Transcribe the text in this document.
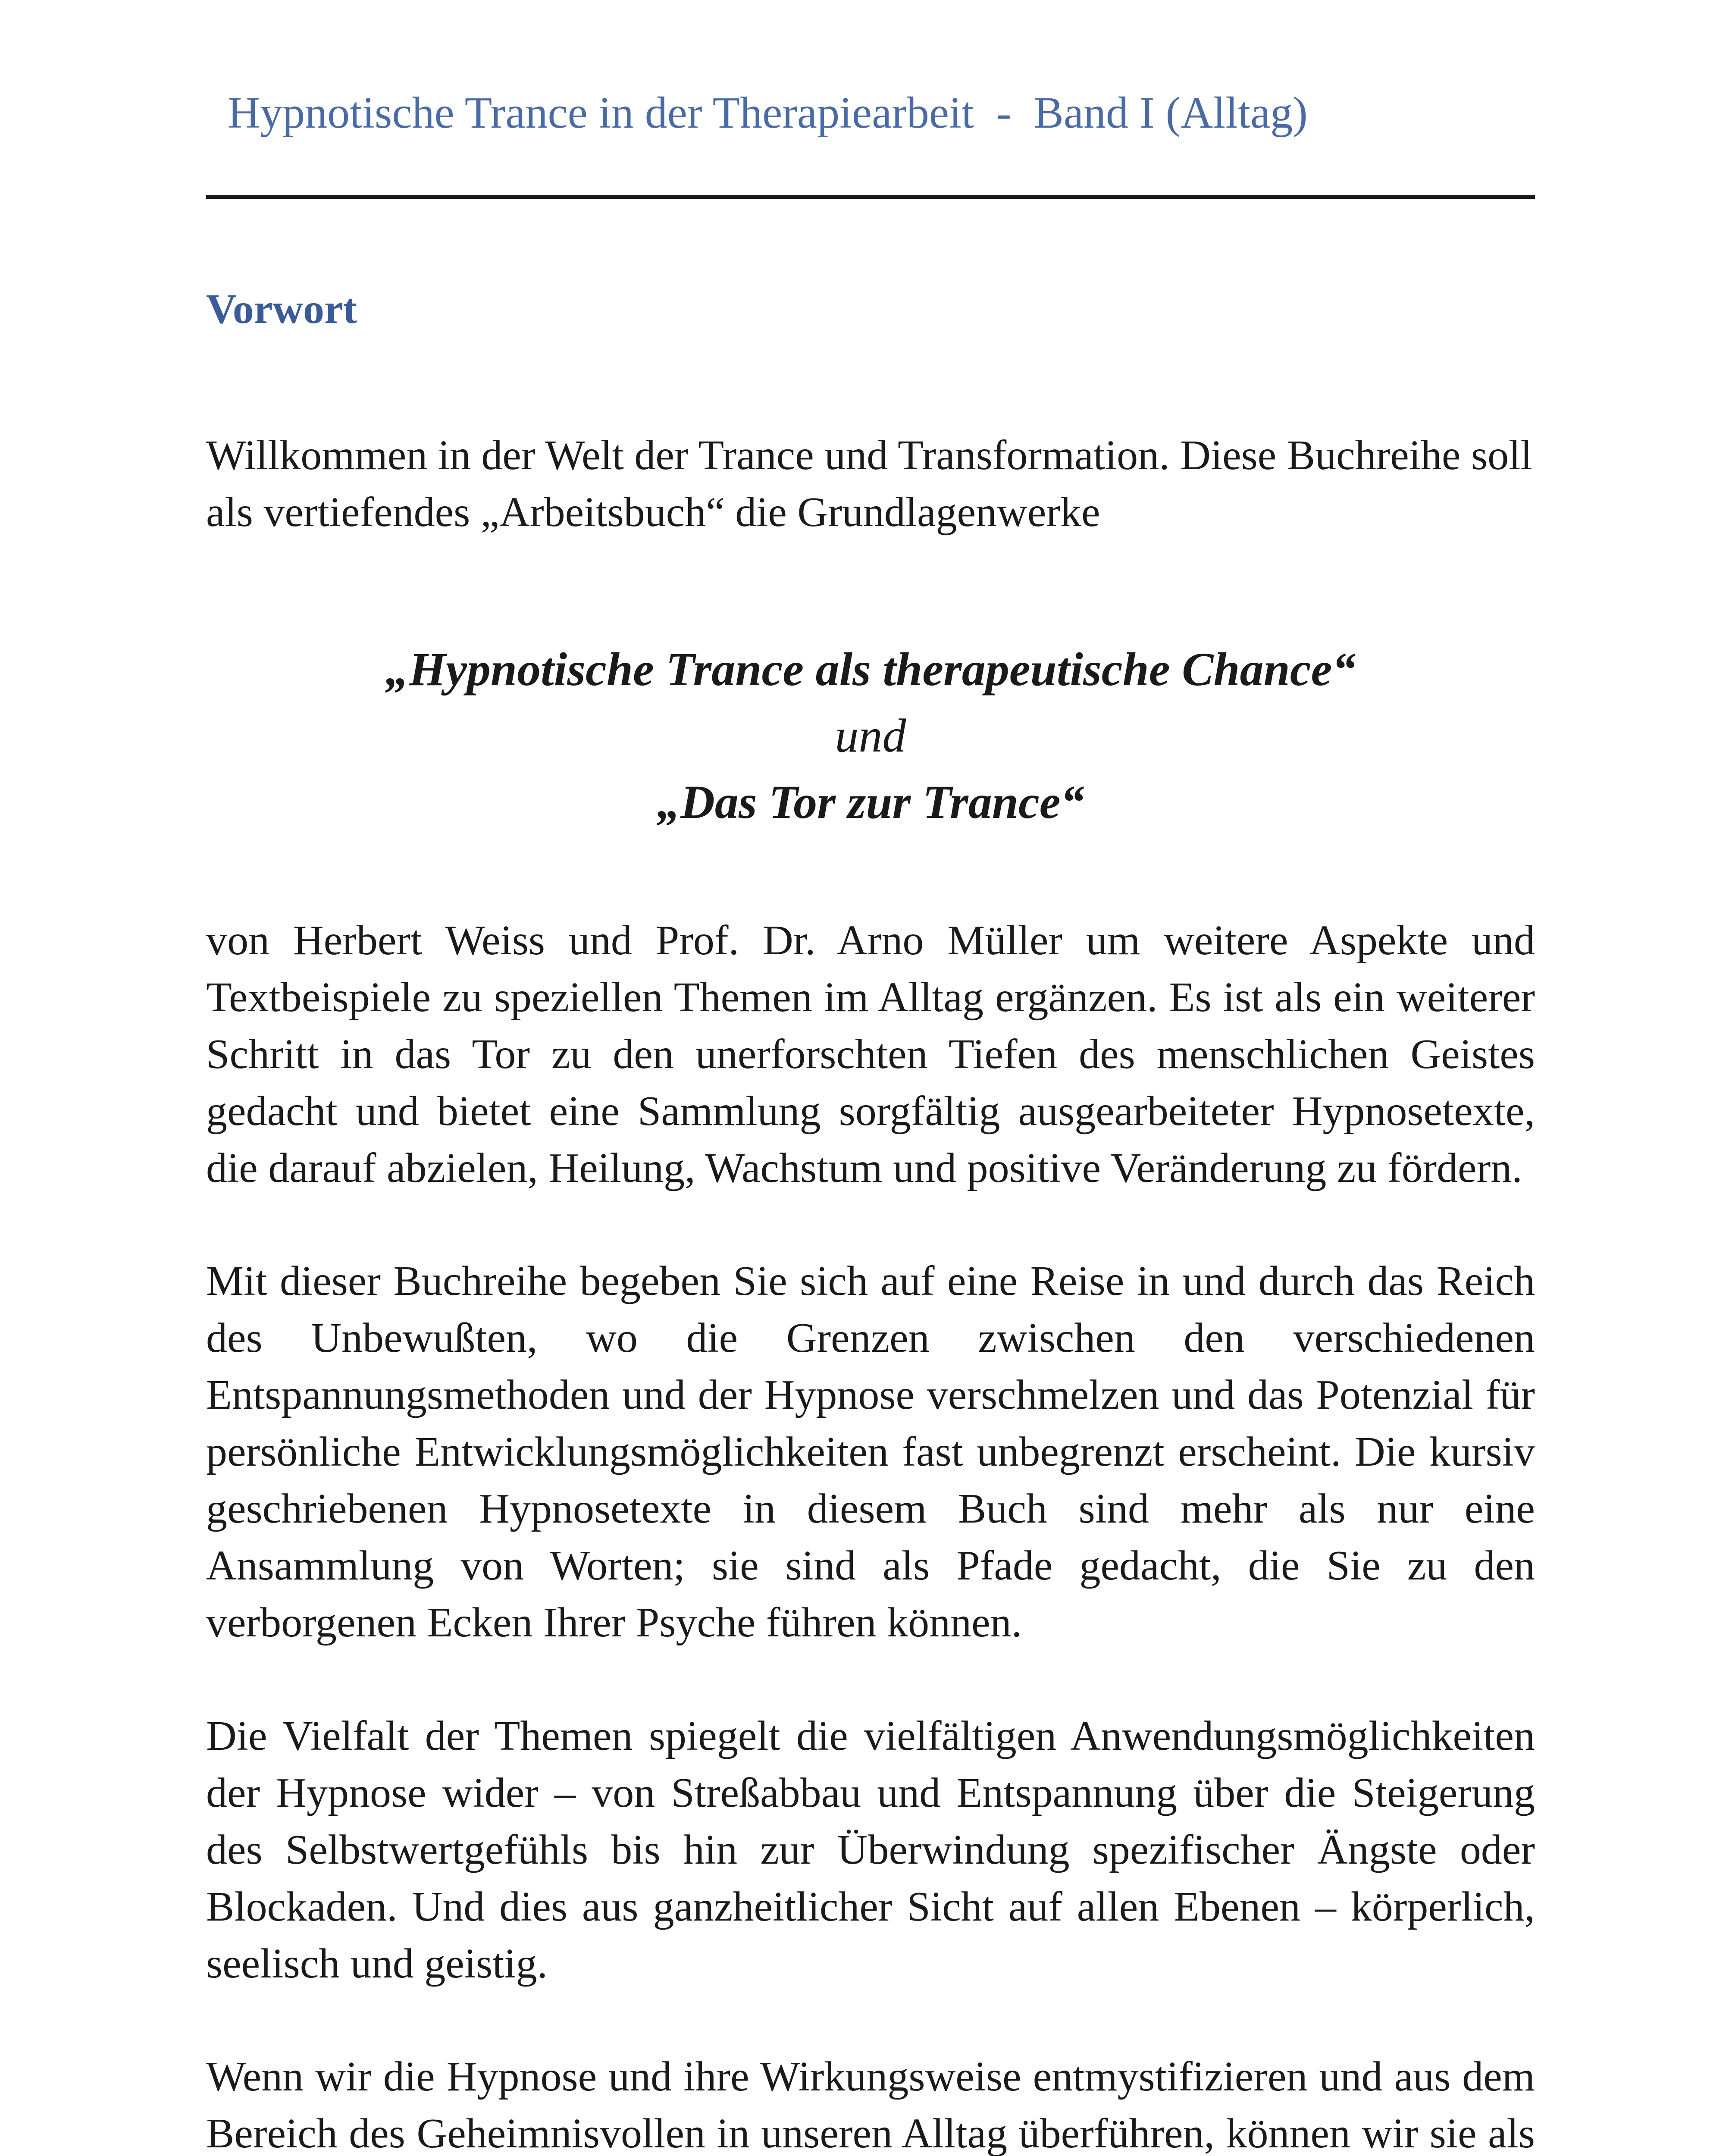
Hypnotische Trance in der Therapiearbeit  -  Band I (Alltag)
Vorwort

Willkommen in der Welt der Trance und Transformation. Diese Buchreihe soll als vertiefendes „Arbeitsbuch“ die Grundlagenwerke

„Hypnotische Trance als therapeutische Chance“
und
„Das Tor zur Trance“

von Herbert Weiss und Prof. Dr. Arno Müller um weitere Aspekte und Textbeispiele zu speziellen Themen im Alltag ergänzen. Es ist als ein weiterer Schritt in das Tor zu den unerforschten Tiefen des menschlichen Geistes gedacht und bietet eine Sammlung sorgfältig ausgearbeiteter Hypnosetexte, die darauf abzielen, Heilung, Wachstum und positive Veränderung zu fördern.

Mit dieser Buchreihe begeben Sie sich auf eine Reise in und durch das Reich des Unbewußten, wo die Grenzen zwischen den verschiedenen Entspannungsmethoden und der Hypnose verschmelzen und das Potenzial für persönliche Entwicklungsmöglichkeiten fast unbegrenzt erscheint. Die kursiv geschriebenen Hypnosetexte in diesem Buch sind mehr als nur eine Ansammlung von Worten; sie sind als Pfade gedacht, die Sie zu den verborgenen Ecken Ihrer Psyche führen können.

Die Vielfalt der Themen spiegelt die vielfältigen Anwendungsmöglichkeiten der Hypnose wider – von Streßabbau und Entspannung über die Steigerung des Selbstwertgefühls bis hin zur Überwindung spezifischer Ängste oder Blockaden. Und dies aus ganzheitlicher Sicht auf allen Ebenen – körperlich, seelisch und geistig.

Wenn wir die Hypnose und ihre Wirkungsweise entmystifizieren und aus dem Bereich des Geheimnisvollen in unseren Alltag überführen, können wir sie als
